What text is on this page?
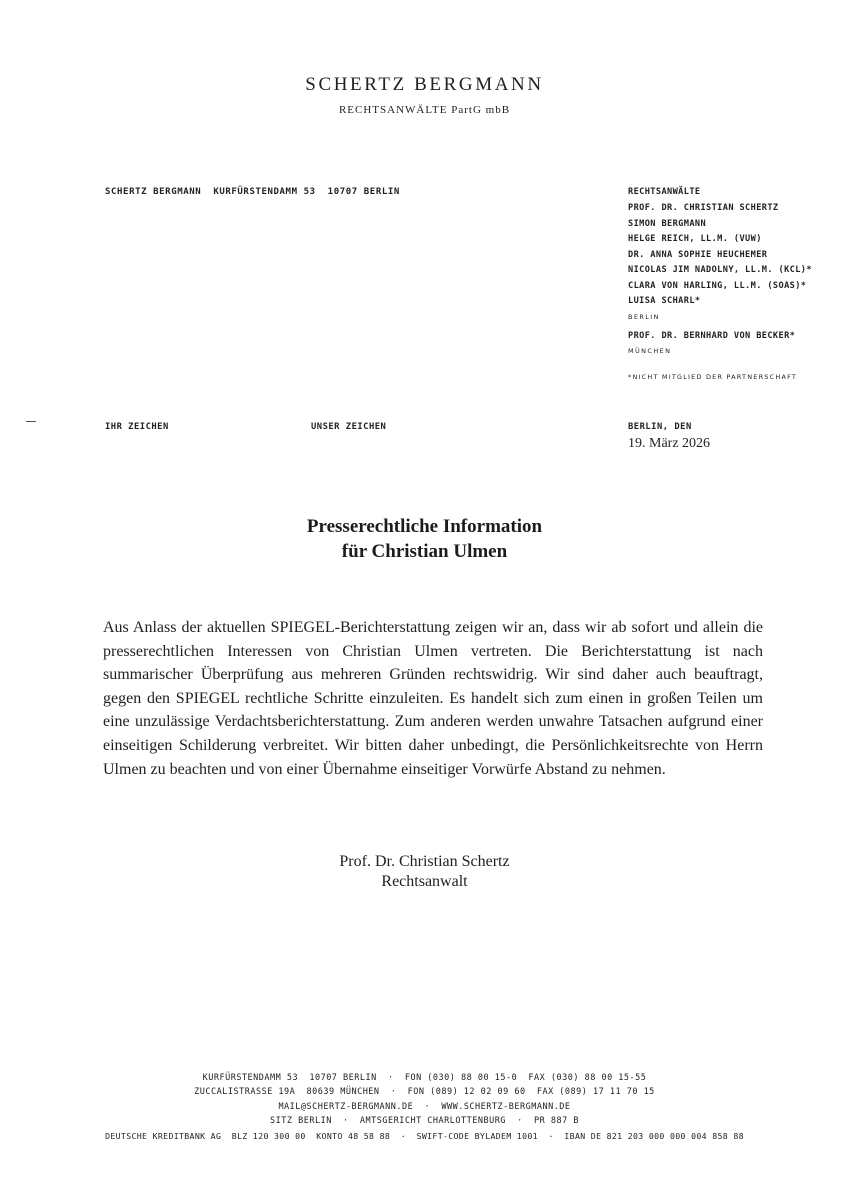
SCHERTZ BERGMANN
RECHTSANWÄLTE PartG mbB
SCHERTZ BERGMANN  KURFÜRSTENDAMM 53  10707 BERLIN	RECHTSANWÄLTE
PROF. DR. CHRISTIAN SCHERTZ
SIMON BERGMANN
HELGE REICH, LL.M. (VUW)
DR. ANNA SOPHIE HEUCHEMER
NICOLAS JIM NADOLNY, LL.M. (KCL)*
CLARA VON HARLING, LL.M. (SOAS)*
LUISA SCHARL*
BERLIN
PROF. DR. BERNHARD VON BECKER*
MÜNCHEN
*NICHT MITGLIED DER PARTNERSCHAFT
IHR ZEICHEN	UNSER ZEICHEN	BERLIN, DEN
19. März 2026
Presserechtliche Information
für Christian Ulmen
Aus Anlass der aktuellen SPIEGEL-Berichterstattung zeigen wir an, dass wir ab sofort und allein die presserechtlichen Interessen von Christian Ulmen vertreten. Die Berichterstattung ist nach summarischer Überprüfung aus mehreren Gründen rechtswidrig. Wir sind daher auch beauftragt, gegen den SPIEGEL rechtliche Schritte einzuleiten. Es handelt sich zum einen in großen Teilen um eine unzulässige Verdachtsberichterstattung. Zum anderen werden unwahre Tatsachen aufgrund einer einseitigen Schilderung verbreitet. Wir bitten daher unbedingt, die Persönlichkeitsrechte von Herrn Ulmen zu beachten und von einer Übernahme einseitiger Vorwürfe Abstand zu nehmen.
Prof. Dr. Christian Schertz
Rechtsanwalt
KURFÜRSTENDAMM 53  10707 BERLIN  ·  FON (030) 88 00 15-0  FAX (030) 88 00 15-55
ZUCCALISTRASSE 19A  80639 MÜNCHEN  ·  FON (089) 12 02 09 60  FAX (089) 17 11 70 15
MAIL@SCHERTZ-BERGMANN.DE  ·  WWW.SCHERTZ-BERGMANN.DE
SITZ BERLIN  ·  AMTSGERICHT CHARLOTTENBURG  ·  PR 887 B
DEUTSCHE KREDITBANK AG  BLZ 120 300 00  KONTO 48 58 88  ·  SWIFT-CODE BYLADEM 1001  ·  IBAN DE 821 203 000 000 004 858 88
